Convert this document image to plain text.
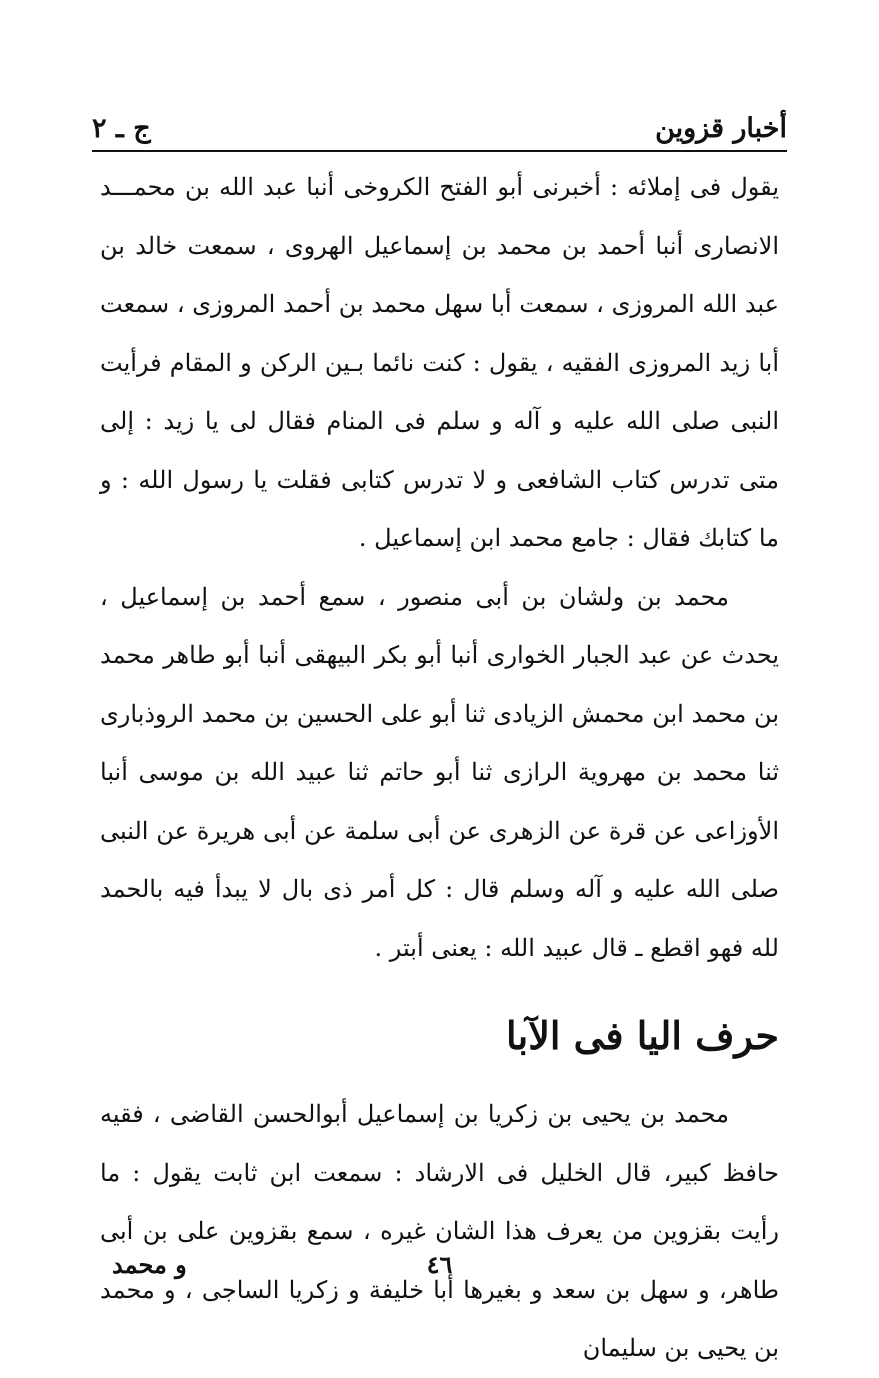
أخبار قزوين
ج ـ ٢

يقول فى إملائه : أخبرنى أبو الفتح الكروخى أنبا عبد الله بن محمـــد الانصارى أنبا أحمد بن محمد بن إسماعيل الهروى ، سمعت خالد بن عبد الله المروزى ، سمعت أبا سهل محمد بن أحمد المروزى ، سمعت أبا زيد المروزى الفقيه ، يقول : كنت نائما بـين الركن و المقام فرأيت النبى صلى الله عليه و آله و سلم فى المنام فقال لى يا زيد : إلى متى تدرس كتاب الشافعى و لا تدرس كتابى فقلت يا رسول الله : و ما كتابك فقال : جامع محمد ابن إسماعيل .

محمد بن ولشان بن أبى منصور ، سمع أحمد بن إسماعيل ، يحدث عن عبد الجبار الخوارى أنبا أبو بكر البيهقى أنبا أبو طاهر محمد بن محمد ابن محمش الزيادى ثنا أبو على الحسين بن محمد الروذبارى ثنا محمد بن مهروية الرازى ثنا أبو حاتم ثنا عبيد الله بن موسى أنبا الأوزاعى عن قرة عن الزهرى عن أبى سلمة عن أبى هريرة عن النبى صلى الله عليه و آله وسلم قال : كل أمر ذى بال لا يبدأ فيه بالحمد لله فهو اقطع ـ قال عبيد الله : يعنى أبتر .

حرف اليا فى الآبا

محمد بن يحيى بن زكريا بن إسماعيل أبوالحسن القاضى ، فقيه حافظ كبير، قال الخليل فى الارشاد : سمعت ابن ثابت يقول : ما رأيت بقزوين من يعرف هذا الشان غيره ، سمع بقزوين على بن أبى طاهر، و سهل بن سعد و بغيرها أبا خليفة و زكريا الساجى ، و محمد بن يحيى بن سليمان

٤٦
و محمد
